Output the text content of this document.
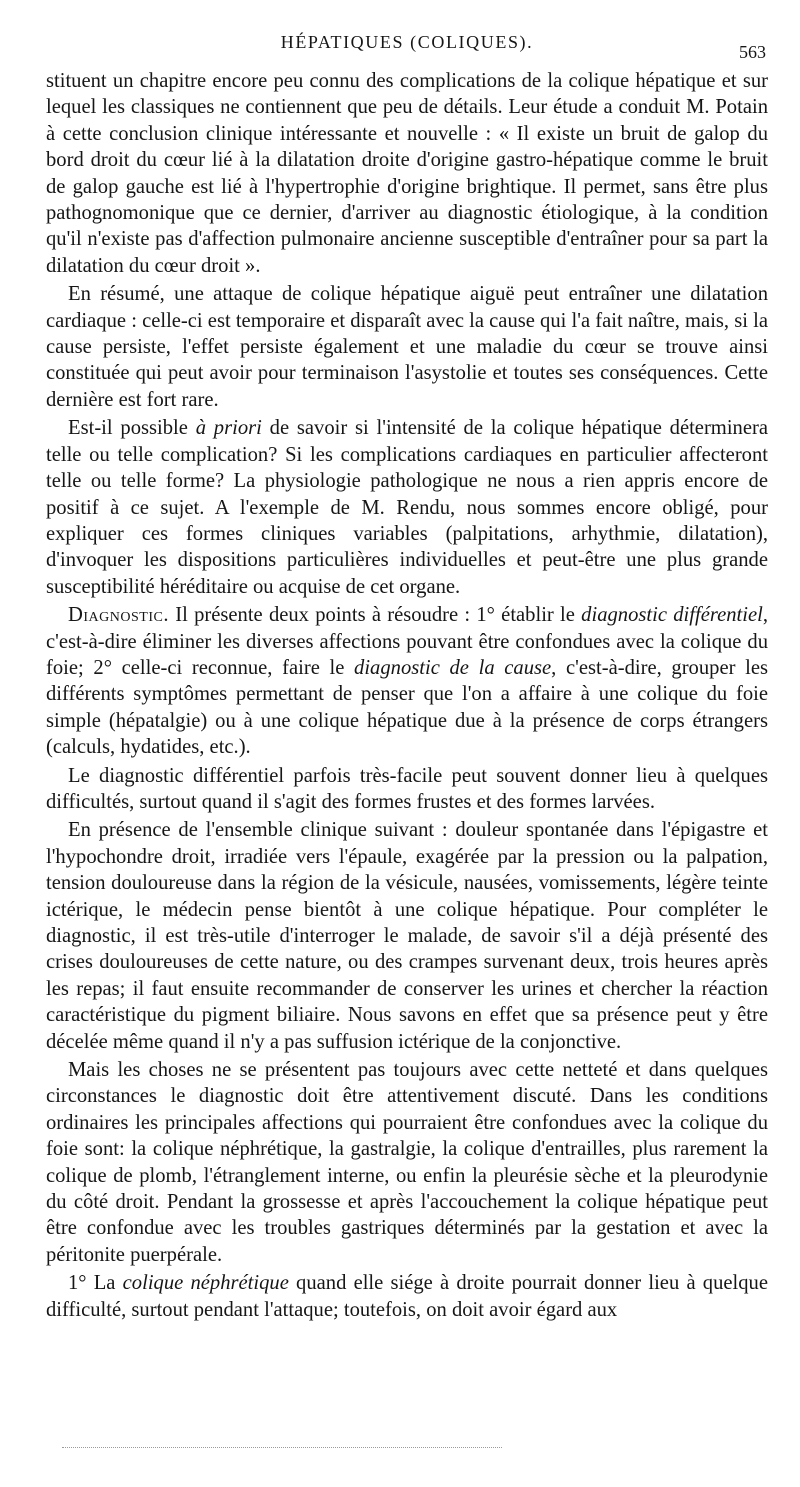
HÉPATIQUES (COLIQUES).	563

stituent un chapitre encore peu connu des complications de la colique hépatique et sur lequel les classiques ne contiennent que peu de détails. Leur étude a conduit M. Potain à cette conclusion clinique intéressante et nouvelle : « Il existe un bruit de galop du bord droit du cœur lié à la dilatation droite d'origine gastro-hépatique comme le bruit de galop gauche est lié à l'hypertrophie d'origine brightique. Il permet, sans être plus pathognomonique que ce dernier, d'arriver au diagnostic étiologique, à la condition qu'il n'existe pas d'affection pulmonaire ancienne susceptible d'entraîner pour sa part la dilatation du cœur droit ».

En résumé, une attaque de colique hépatique aiguë peut entraîner une dilatation cardiaque : celle-ci est temporaire et disparaît avec la cause qui l'a fait naître, mais, si la cause persiste, l'effet persiste également et une maladie du cœur se trouve ainsi constituée qui peut avoir pour terminaison l'asystolie et toutes ses conséquences. Cette dernière est fort rare.

Est-il possible à priori de savoir si l'intensité de la colique hépatique déterminera telle ou telle complication? Si les complications cardiaques en particulier affecteront telle ou telle forme? La physiologie pathologique ne nous a rien appris encore de positif à ce sujet. A l'exemple de M. Rendu, nous sommes encore obligé, pour expliquer ces formes cliniques variables (palpitations, arhythmie, dilatation), d'invoquer les dispositions particulières individuelles et peut-être une plus grande susceptibilité héréditaire ou acquise de cet organe.

Diagnostic. Il présente deux points à résoudre : 1° établir le diagnostic différentiel, c'est-à-dire éliminer les diverses affections pouvant être confondues avec la colique du foie; 2° celle-ci reconnue, faire le diagnostic de la cause, c'est-à-dire, grouper les différents symptômes permettant de penser que l'on a affaire à une colique du foie simple (hépatalgie) ou à une colique hépatique due à la présence de corps étrangers (calculs, hydatides, etc.).

Le diagnostic différentiel parfois très-facile peut souvent donner lieu à quelques difficultés, surtout quand il s'agit des formes frustes et des formes larvées.

En présence de l'ensemble clinique suivant : douleur spontanée dans l'épigastre et l'hypochondre droit, irradiée vers l'épaule, exagérée par la pression ou la palpation, tension douloureuse dans la région de la vésicule, nausées, vomissements, légère teinte ictérique, le médecin pense bientôt à une colique hépatique. Pour compléter le diagnostic, il est très-utile d'interroger le malade, de savoir s'il a déjà présenté des crises douloureuses de cette nature, ou des crampes survenant deux, trois heures après les repas; il faut ensuite recommander de conserver les urines et chercher la réaction caractéristique du pigment biliaire. Nous savons en effet que sa présence peut y être décelée même quand il n'y a pas suffusion ictérique de la conjonctive.

Mais les choses ne se présentent pas toujours avec cette netteté et dans quelques circonstances le diagnostic doit être attentivement discuté. Dans les conditions ordinaires les principales affections qui pourraient être confondues avec la colique du foie sont: la colique néphrétique, la gastralgie, la colique d'entrailles, plus rarement la colique de plomb, l'étranglement interne, ou enfin la pleurésie sèche et la pleurodynie du côté droit. Pendant la grossesse et après l'accouchement la colique hépatique peut être confondue avec les troubles gastriques déterminés par la gestation et avec la péritonite puerpérale.

1° La colique néphrétique quand elle siége à droite pourrait donner lieu à quelque difficulté, surtout pendant l'attaque; toutefois, on doit avoir égard aux
